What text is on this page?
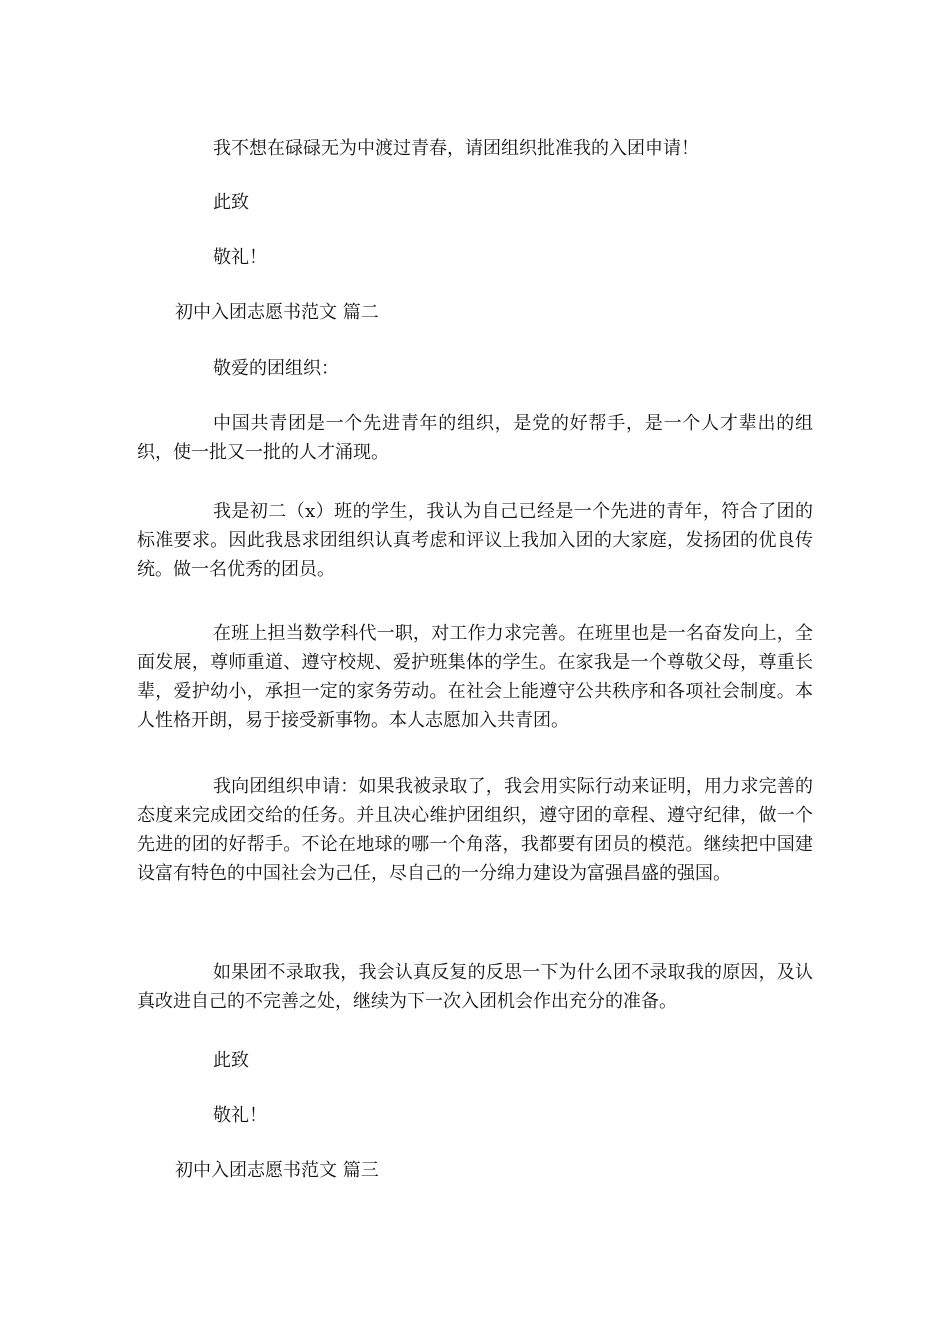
我不想在碌碌无为中渡过青春，请团组织批准我的入团申请！

此致

敬礼！

初中入团志愿书范文 篇二

敬爱的团组织：

中国共青团是一个先进青年的组织，是党的好帮手，是一个人才辈出的组织，使一批又一批的人才涌现。

我是初二（x）班的学生，我认为自己已经是一个先进的青年，符合了团的标准要求。因此我恳求团组织认真考虑和评议上我加入团的大家庭，发扬团的优良传统。做一名优秀的团员。

在班上担当数学科代一职，对工作力求完善。在班里也是一名奋发向上，全面发展，尊师重道、遵守校规、爱护班集体的学生。在家我是一个尊敬父母，尊重长辈，爱护幼小，承担一定的家务劳动。在社会上能遵守公共秩序和各项社会制度。本人性格开朗，易于接受新事物。本人志愿加入共青团。

我向团组织申请：如果我被录取了，我会用实际行动来证明，用力求完善的态度来完成团交给的任务。并且决心维护团组织，遵守团的章程、遵守纪律，做一个先进的团的好帮手。不论在地球的哪一个角落，我都要有团员的模范。继续把中国建设富有特色的中国社会为己任，尽自己的一分绵力建设为富强昌盛的强国。

如果团不录取我，我会认真反复的反思一下为什么团不录取我的原因，及认真改进自己的不完善之处，继续为下一次入团机会作出充分的准备。

此致

敬礼！

初中入团志愿书范文 篇三
